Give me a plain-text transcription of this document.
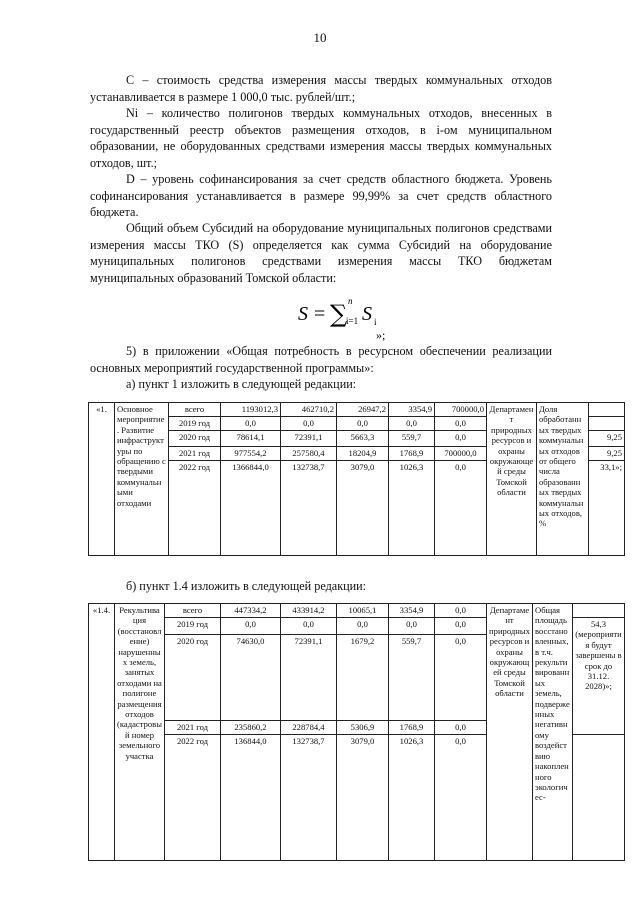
10

С – стоимость средства измерения массы твердых коммунальных отходов устанавливается в размере 1 000,0 тыс. рублей/шт.;

Ni – количество полигонов твердых коммунальных отходов, внесенных в государственный реестр объектов размещения отходов, в i-ом муниципальном образовании, не оборудованных средствами измерения массы твердых коммунальных отходов, шт.;

D – уровень софинансирования за счет средств областного бюджета. Уровень софинансирования устанавливается в размере 99,99% за счет средств областного бюджета.

Общий объем Субсидий на оборудование муниципальных полигонов средствами измерения массы ТКО (S) определяется как сумма Субсидий на оборудование муниципальных полигонов средствами измерения массы ТКО бюджетам муниципальных образований Томской области:

S = ∑ n
i=1 S i
»;

5) в приложении «Общая потребность в ресурсном обеспечении реализации основных мероприятий государственной программы»:

а) пункт 1 изложить в следующей редакции:

«1.	Основное мероприятие. Развитие инфраструктуры по обращению с твердыми коммунальными отходами	всего	1193012,3	462710,2	26947,2	3354,9	700000,0	Департамент природных ресурсов и охраны окружающей среды Томской области	Доля обработанных твердых коммунальных отходов от общего числа образованных твердых коммунальных отходов, %	
		2019 год	0,0	0,0	0,0	0,0	0,0			
		2020 год	78614,1	72391,1	5663,3	559,7	0,0			9,25
		2021 год	977554,2	257580,4	18204,9	1768,9	700000,0			9,25
		2022 год	1366844,0	132738,7	3079,0	1026,3	0,0			33,1»;

б) пункт 1.4 изложить в следующей редакции:

«1.4.	Рекультивация (восстановление) нарушенных земель, занятых отходами на полигоне размещения отходов (кадастровый номер земельного участка	всего	447334,2	433914,2	10065,1	3354,9	0,0	Департамент природных ресурсов и охраны окружающей среды Томской области	Общая площадь восстановленных, в т.ч. рекультивированных земель, подверженных негативному воздействию накопленного экологичес-	
		2019 год	0,0	0,0	0,0	0,0	0,0			54,3 (мероприятия будут завершены в срок до 31.12. 2028)»;
		2020 год	74630,0	72391,1	1679,2	559,7	0,0			
		2021 год	235860,2	228784,4	5306,9	1768,9	0,0			
		2022 год	136844,0	132738,7	3079,0	1026,3	0,0			
